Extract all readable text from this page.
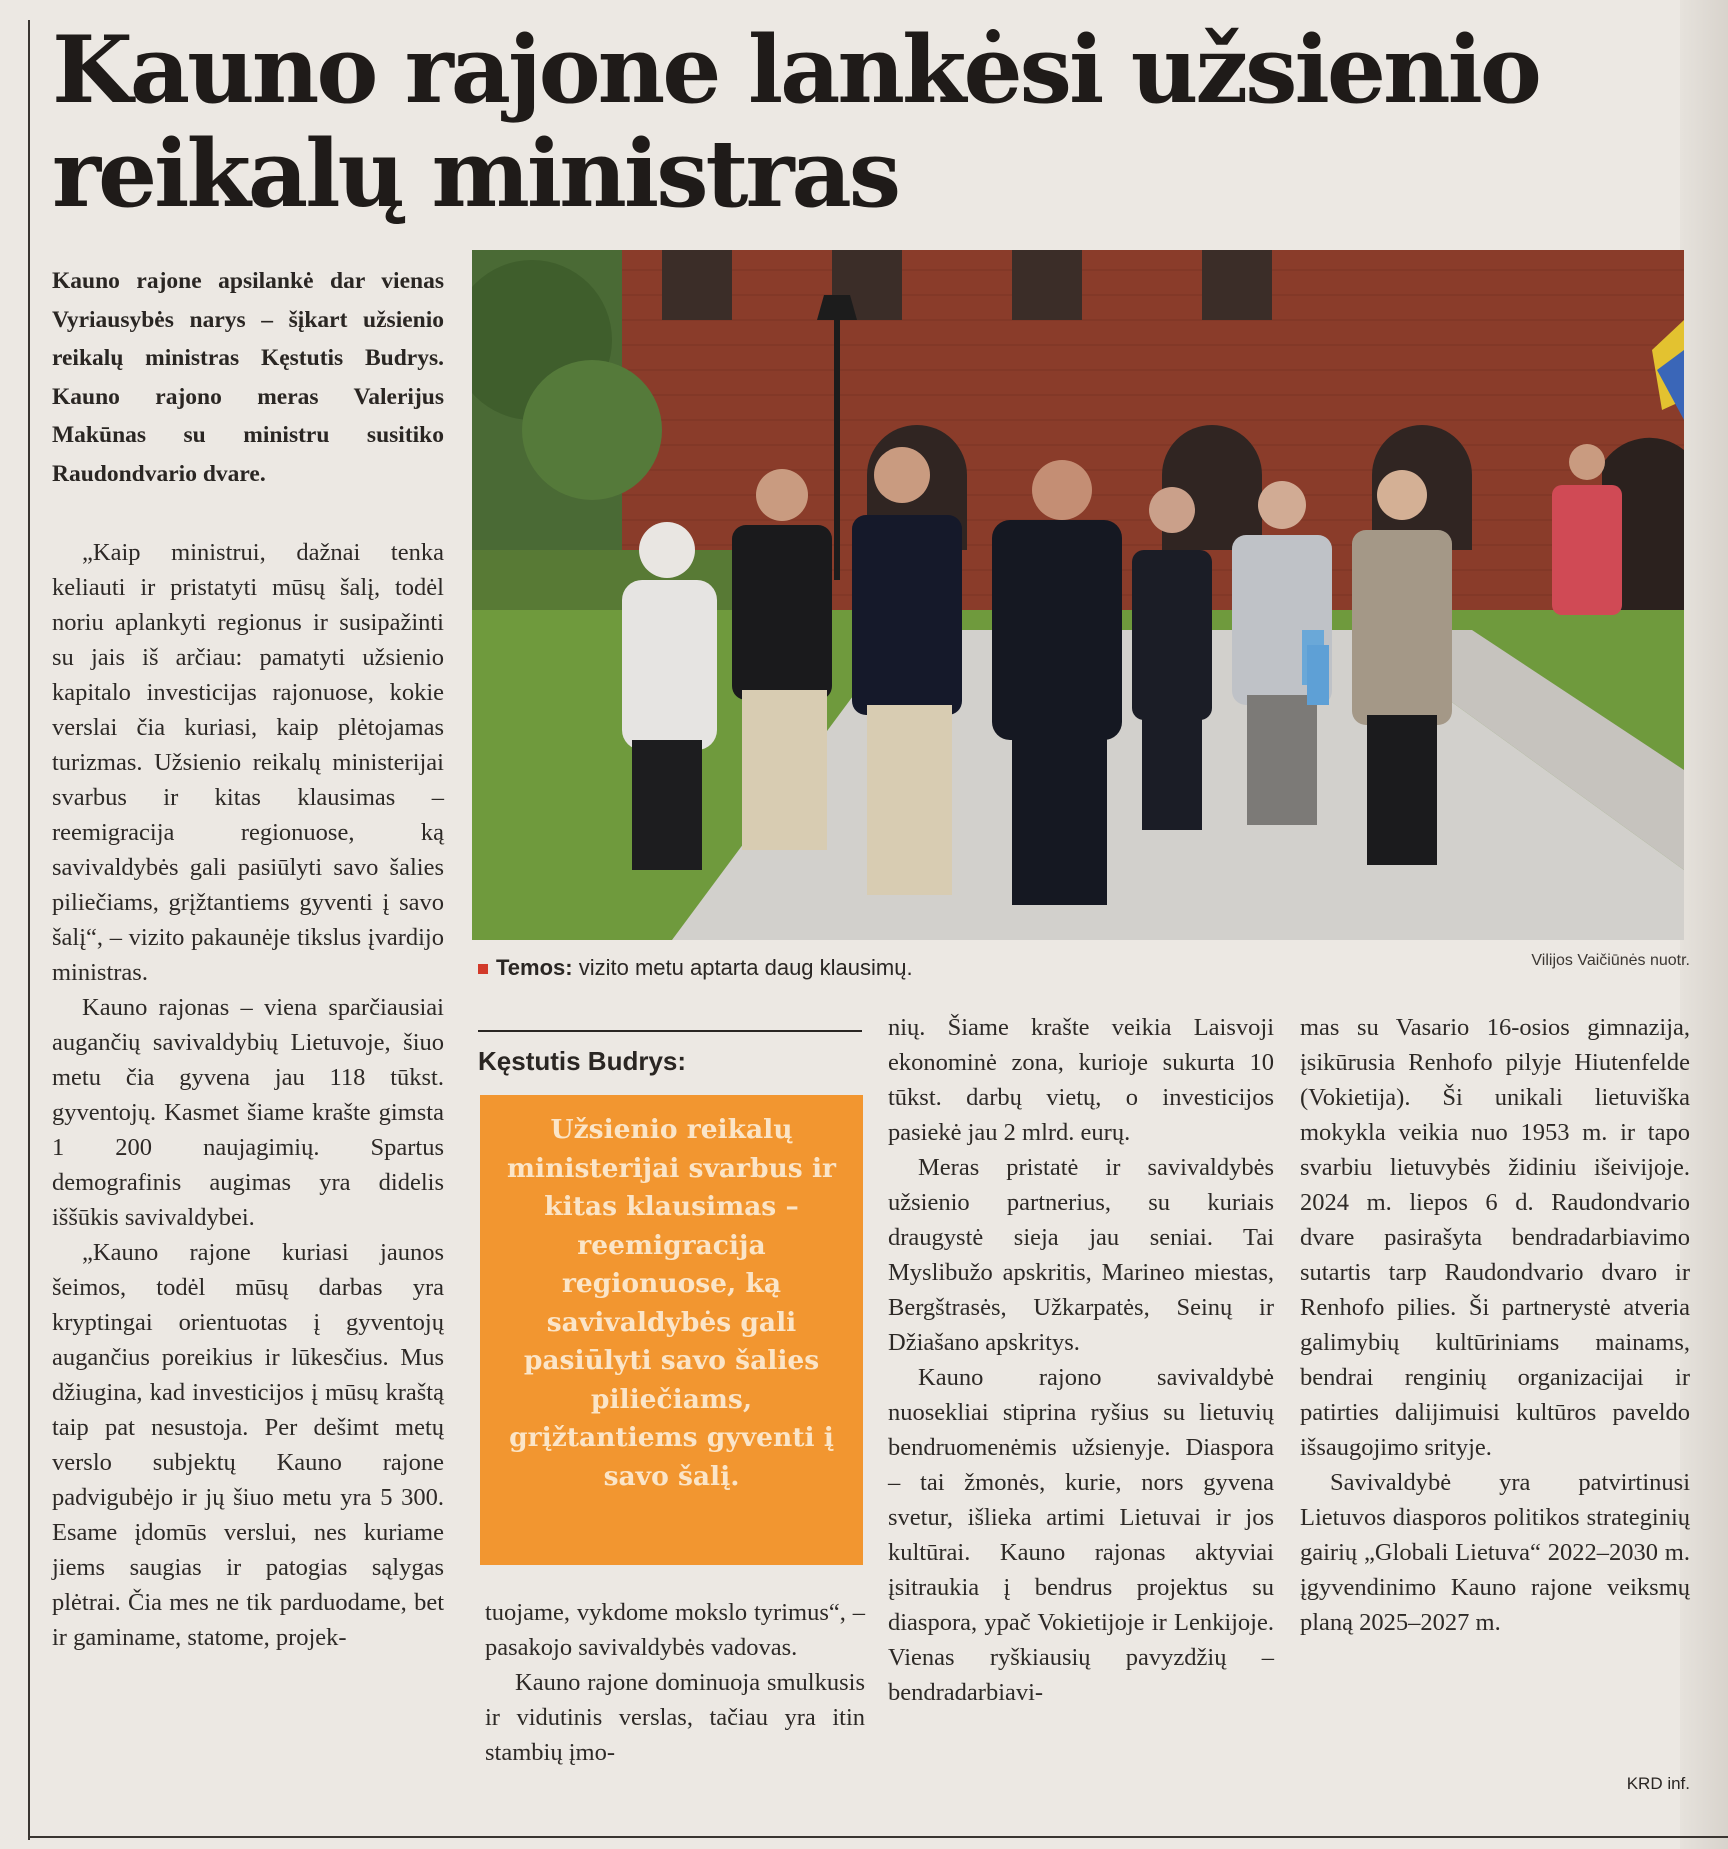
Kauno rajone lankėsi užsienio reikalų ministras

Kauno rajone apsilankė dar vienas Vyriausybės narys – šįkart užsienio reikalų ministras Kęstutis Budrys. Kauno rajono meras Valerijus Makūnas su ministru susitiko Raudondvario dvare.

Temos: vizito metu aptarta daug klausimų.	Vilijos Vaičiūnės nuotr.

„Kaip ministrui, dažnai tenka keliauti ir pristatyti mūsų šalį, todėl noriu aplankyti regionus ir susipažinti su jais iš arčiau: pamatyti užsienio kapitalo investicijas rajonuose, kokie verslai čia kuriasi, kaip plėtojamas turizmas. Užsienio reikalų ministerijai svarbus ir kitas klausimas – reemigracija regionuose, ką savivaldybės gali pasiūlyti savo šalies piliečiams, grįžtantiems gyventi į savo šalį“, – vizito pakaunėje tikslus įvardijo ministras.

Kauno rajonas – viena sparčiausiai augančių savivaldybių Lietuvoje, šiuo metu čia gyvena jau 118 tūkst. gyventojų. Kasmet šiame krašte gimsta 1 200 naujagimių. Spartus demografinis augimas yra didelis iššūkis savivaldybei.

„Kauno rajone kuriasi jaunos šeimos, todėl mūsų darbas yra kryptingai orientuotas į gyventojų augančius poreikius ir lūkesčius. Mus džiugina, kad investicijos į mūsų kraštą taip pat nesustoja. Per dešimt metų verslo subjektų Kauno rajone padvigubėjo ir jų šiuo metu yra 5 300. Esame įdomūs verslui, nes kuriame jiems saugias ir patogias sąlygas plėtrai. Čia mes ne tik parduodame, bet ir gaminame, statome, projek-

Kęstutis Budrys:

Užsienio reikalų ministerijai svarbus ir kitas klausimas – reemigracija regionuose, ką savivaldybės gali pasiūlyti savo šalies piliečiams, grįžtantiems gyventi į savo šalį.

tuojame, vykdome mokslo tyrimus“, – pasakojo savivaldybės vadovas.

Kauno rajone dominuoja smulkusis ir vidutinis verslas, tačiau yra itin stambių įmo-

nių. Šiame krašte veikia Laisvoji ekonominė zona, kurioje sukurta 10 tūkst. darbų vietų, o investicijos pasiekė jau 2 mlrd. eurų.

Meras pristatė ir savivaldybės užsienio partnerius, su kuriais draugystė sieja jau seniai. Tai Myslibužo apskritis, Marineo miestas, Bergštrasės, Užkarpatės, Seinų ir Džiašano apskritys.

Kauno rajono savivaldybė nuosekliai stiprina ryšius su lietuvių bendruomenėmis užsienyje. Diaspora – tai žmonės, kurie, nors gyvena svetur, išlieka artimi Lietuvai ir jos kultūrai. Kauno rajonas aktyviai įsitraukia į bendrus projektus su diaspora, ypač Vokietijoje ir Lenkijoje. Vienas ryškiausių pavyzdžių – bendradarbiavi-

mas su Vasario 16-osios gimnazija, įsikūrusia Renhofo pilyje Hiutenfelde (Vokietija). Ši unikali lietuviška mokykla veikia nuo 1953 m. ir tapo svarbiu lietuvybės židiniu išeivijoje. 2024 m. liepos 6 d. Raudondvario dvare pasirašyta bendradarbiavimo sutartis tarp Raudondvario dvaro ir Renhofo pilies. Ši partnerystė atveria galimybių kultūriniams mainams, bendrai renginių organizacijai ir patirties dalijimuisi kultūros paveldo išsaugojimo srityje.

Savivaldybė yra patvirtinusi Lietuvos diasporos politikos strateginių gairių „Globali Lietuva“ 2022–2030 m. įgyvendinimo Kauno rajone veiksmų planą 2025–2027 m.

KRD inf.
